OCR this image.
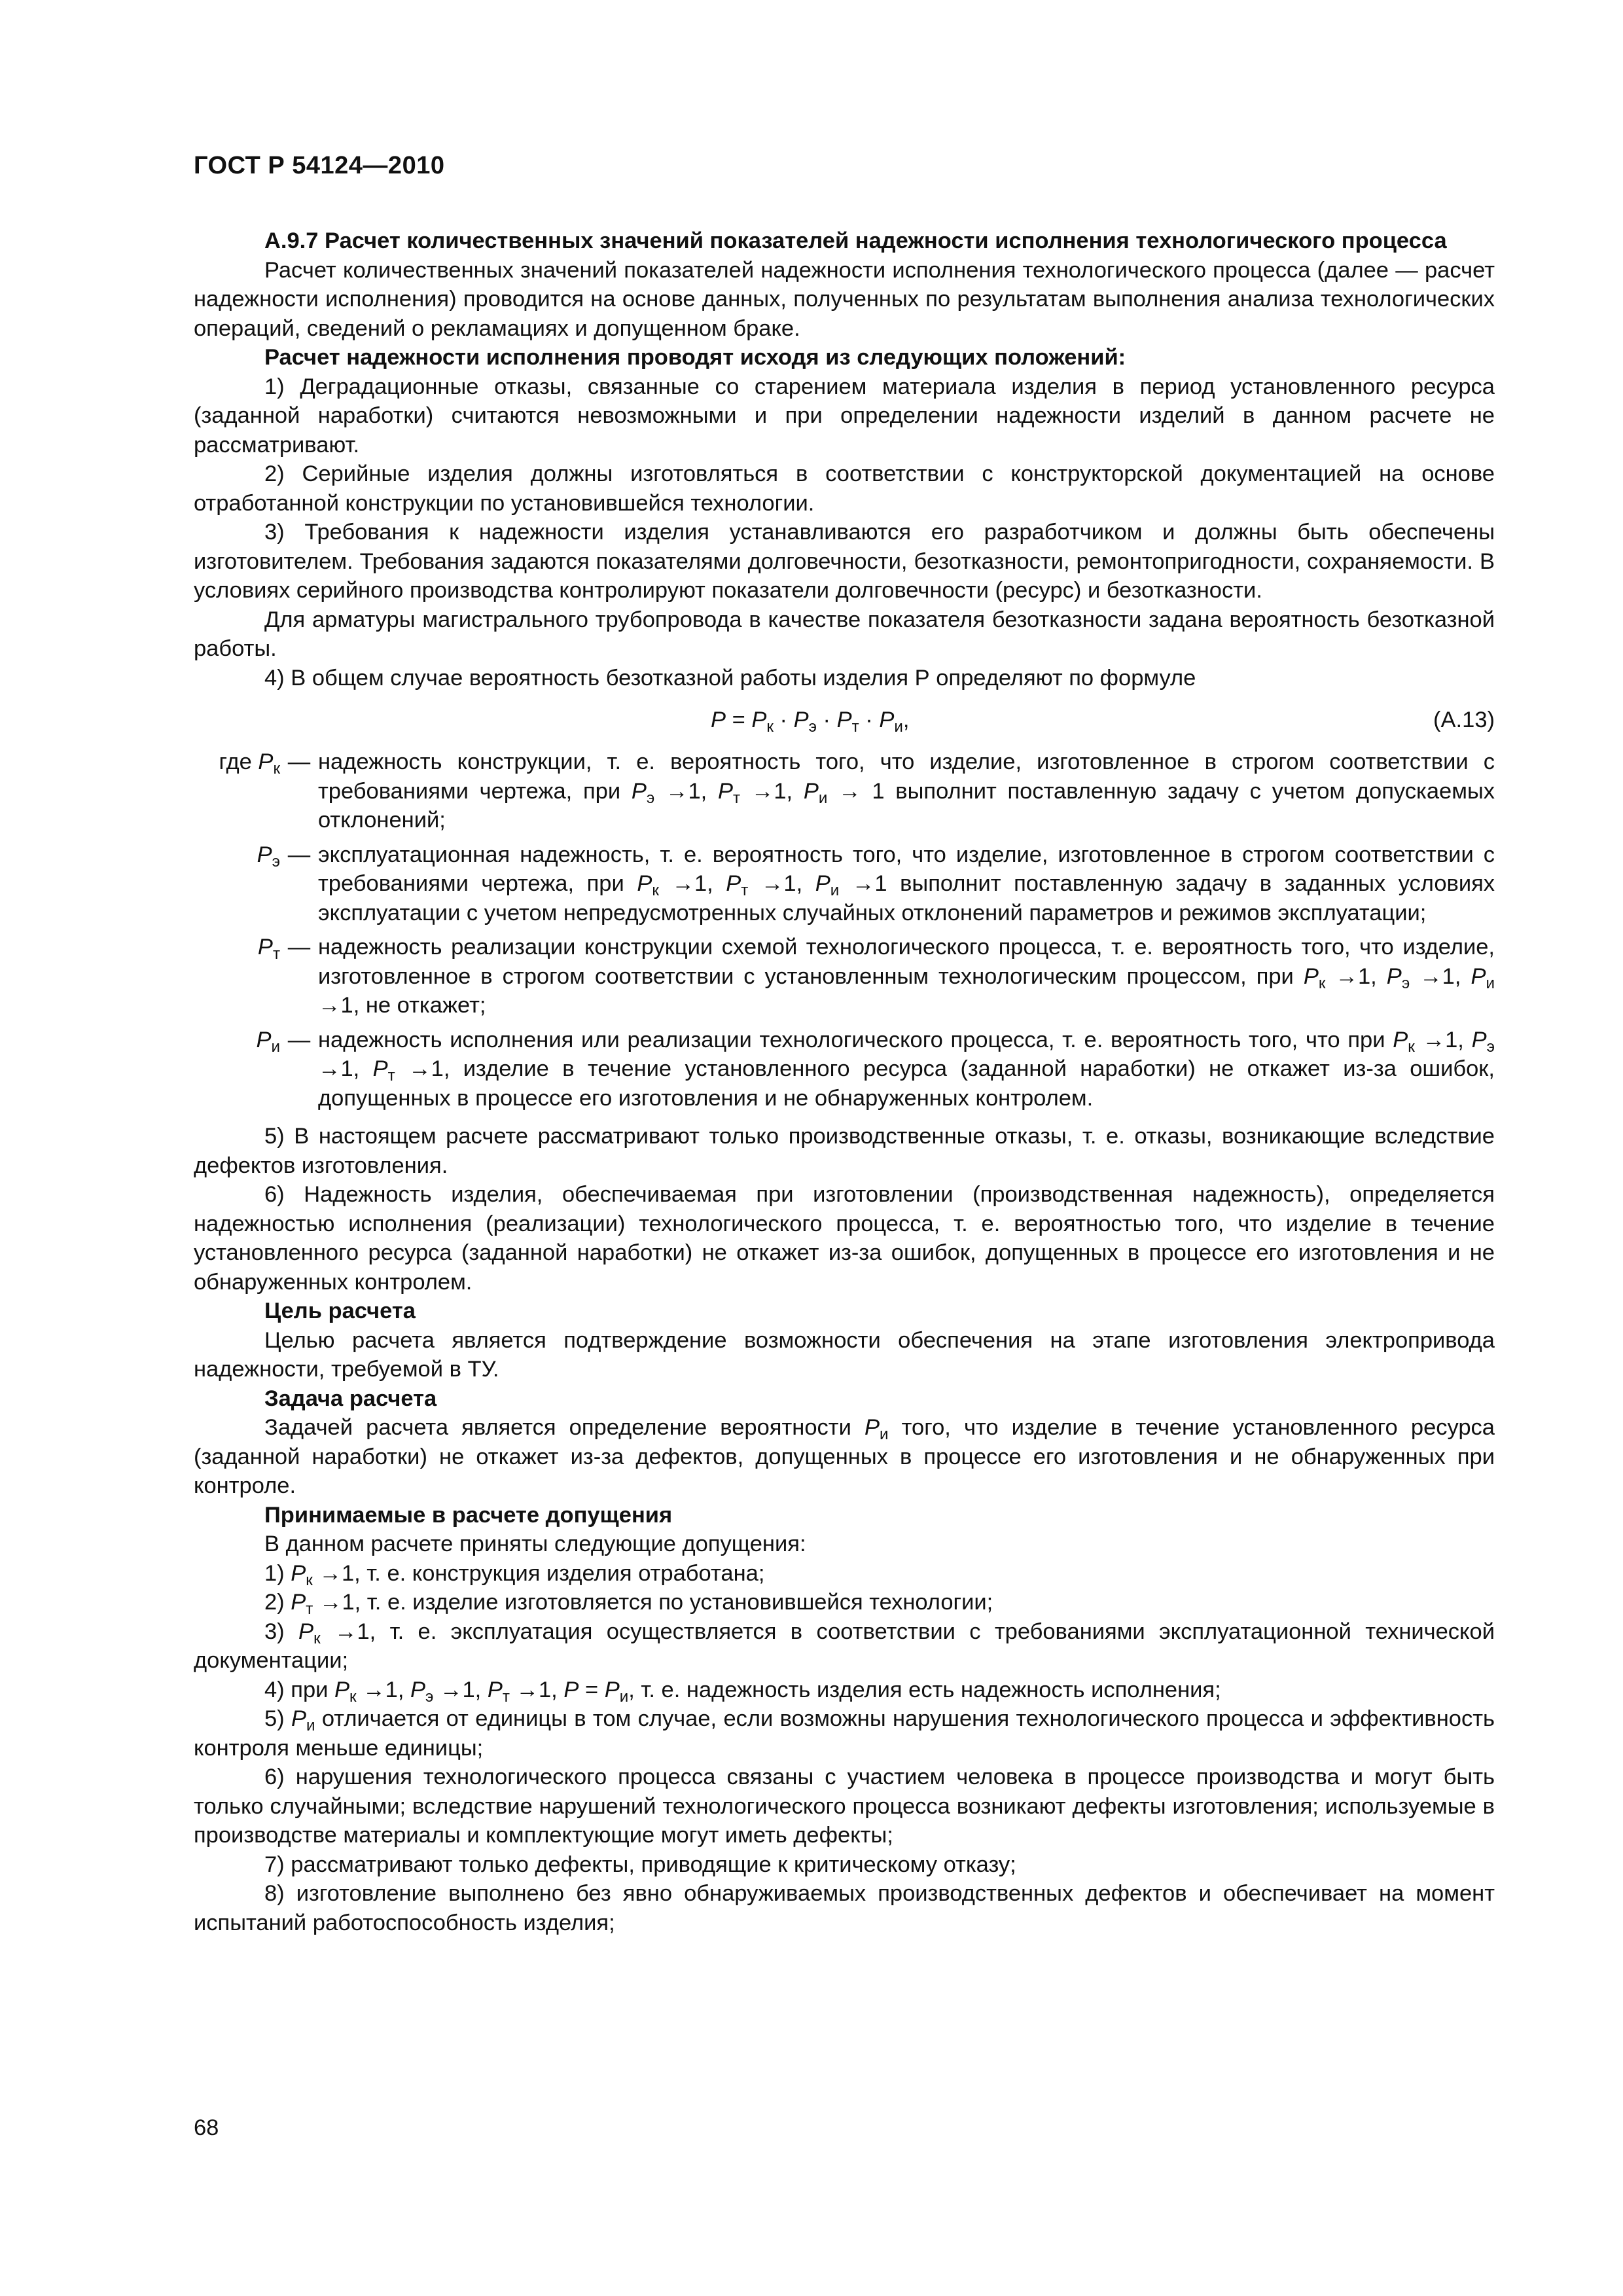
ГОСТ Р 54124—2010

А.9.7 Расчет количественных значений показателей надежности исполнения технологического процесса

Расчет количественных значений показателей надежности исполнения технологического процесса (далее — расчет надежности исполнения) проводится на основе данных, полученных по результатам выполнения анализа технологических операций, сведений о рекламациях и допущенном браке.

Расчет надежности исполнения проводят исходя из следующих положений:

1) Деградационные отказы, связанные со старением материала изделия в период установленного ресурса (заданной наработки) считаются невозможными и при определении надежности изделий в данном расчете не рассматривают.

2) Серийные изделия должны изготовляться в соответствии с конструкторской документацией на основе отработанной конструкции по установившейся технологии.

3) Требования к надежности изделия устанавливаются его разработчиком и должны быть обеспечены изготовителем. Требования задаются показателями долговечности, безотказности, ремонтопригодности, сохраняемости. В условиях серийного производства контролируют показатели долговечности (ресурс) и безотказности.

Для арматуры магистрального трубопровода в качестве показателя безотказности задана вероятность безотказной работы.

4) В общем случае вероятность безотказной работы изделия Р определяют по формуле

$P = P_к \cdot P_э \cdot P_т \cdot P_и$,	(А.13)
где $P_к$ — надежность конструкции, т. е. вероятность того, что изделие, изготовленное в строгом соответствии с требованиями чертежа, при $P_э \to 1$, $P_т \to 1$, $P_и \to 1$ выполнит поставленную задачу с учетом допускаемых отклонений;
$P_э$ — эксплуатационная надежность, т. е. вероятность того, что изделие, изготовленное в строгом соответствии с требованиями чертежа, при $P_к \to 1$, $P_т \to 1$, $P_и \to 1$ выполнит поставленную задачу в заданных условиях эксплуатации с учетом непредусмотренных случайных отклонений параметров и режимов эксплуатации;
$P_т$ — надежность реализации конструкции схемой технологического процесса, т. е. вероятность того, что изделие, изготовленное в строгом соответствии с установленным технологическим процессом, при $P_к \to 1$, $P_э \to 1$, $P_и \to 1$, не откажет;
$P_и$ — надежность исполнения или реализации технологического процесса, т. е. вероятность того, что при $P_к \to 1$, $P_э \to 1$, $P_т \to 1$, изделие в течение установленного ресурса (заданной наработки) не откажет из-за ошибок, допущенных в процессе его изготовления и не обнаруженных контролем.

5) В настоящем расчете рассматривают только производственные отказы, т. е. отказы, возникающие вследствие дефектов изготовления.

6) Надежность изделия, обеспечиваемая при изготовлении (производственная надежность), определяется надежностью исполнения (реализации) технологического процесса, т. е. вероятностью того, что изделие в течение установленного ресурса (заданной наработки) не откажет из-за ошибок, допущенных в процессе его изготовления и не обнаруженных контролем.

Цель расчета

Целью расчета является подтверждение возможности обеспечения на этапе изготовления электропривода надежности, требуемой в ТУ.

Задача расчета

Задачей расчета является определение вероятности $P_и$ того, что изделие в течение установленного ресурса (заданной наработки) не откажет из-за дефектов, допущенных в процессе его изготовления и не обнаруженных при контроле.

Принимаемые в расчете допущения

В данном расчете приняты следующие допущения:

1) $P_к \to 1$, т. е. конструкция изделия отработана;

2) $P_т \to 1$, т. е. изделие изготовляется по установившейся технологии;

3) $P_к \to 1$, т. е. эксплуатация осуществляется в соответствии с требованиями эксплуатационной технической документации;

4) при $P_к \to 1$, $P_э \to 1$, $P_т \to 1$, $P = P_и$, т. е. надежность изделия есть надежность исполнения;

5) $P_и$ отличается от единицы в том случае, если возможны нарушения технологического процесса и эффективность контроля меньше единицы;

6) нарушения технологического процесса связаны с участием человека в процессе производства и могут быть только случайными; вследствие нарушений технологического процесса возникают дефекты изготовления; используемые в производстве материалы и комплектующие могут иметь дефекты;

7) рассматривают только дефекты, приводящие к критическому отказу;

8) изготовление выполнено без явно обнаруживаемых производственных дефектов и обеспечивает на момент испытаний работоспособность изделия;

68
